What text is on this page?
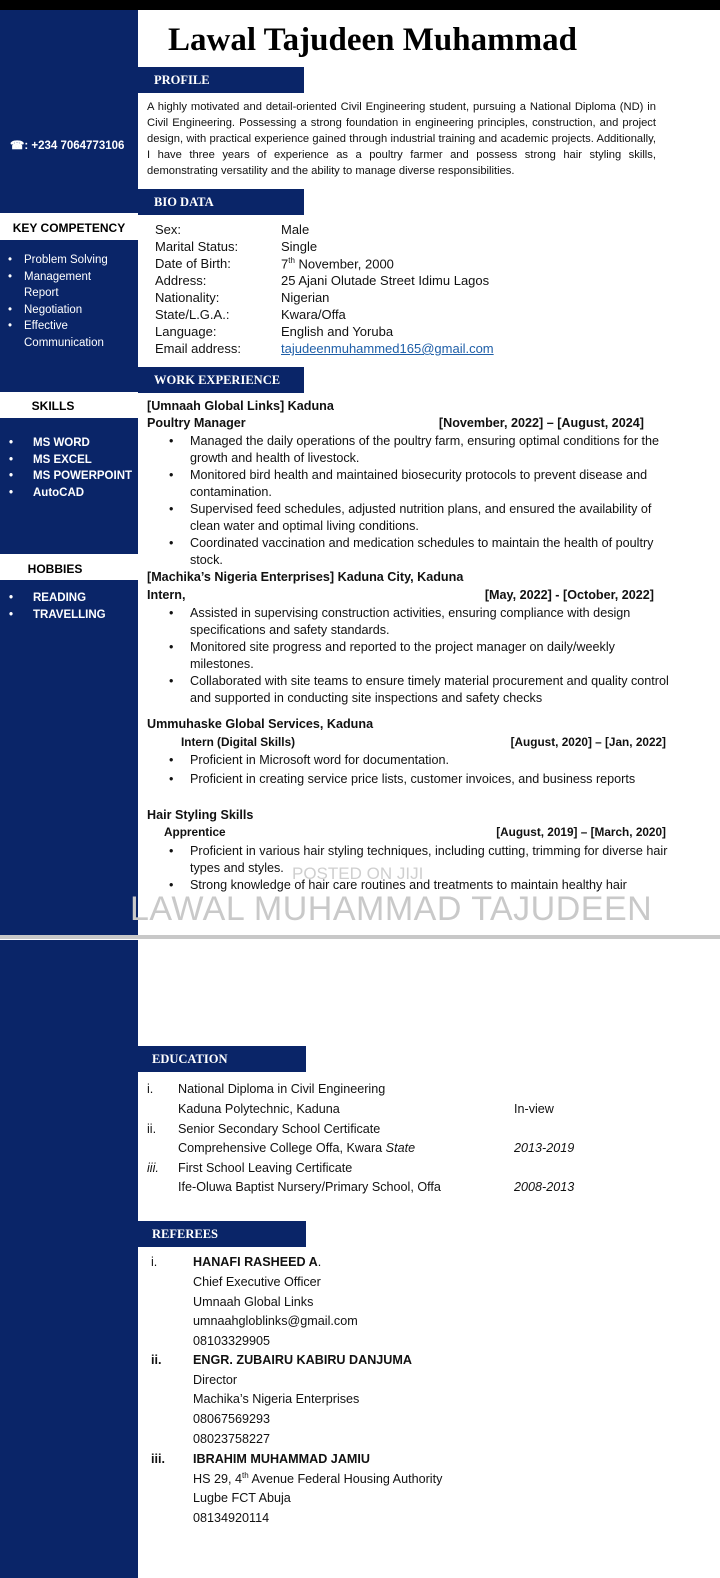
Lawal Tajudeen Muhammad
☎: +234 7064773106
KEY COMPETENCY
• Problem Solving
• Management Report
• Negotiation
• Effective Communication
SKILLS
• MS WORD
• MS EXCEL
• MS POWERPOINT
• AutoCAD
HOBBIES
• READING
• TRAVELLING
PROFILE
A highly motivated and detail-oriented Civil Engineering student, pursuing a National Diploma (ND) in Civil Engineering. Possessing a strong foundation in engineering principles, construction, and project design, with practical experience gained through industrial training and academic projects. Additionally, I have three years of experience as a poultry farmer and possess strong hair styling skills, demonstrating versatility and the ability to manage diverse responsibilities.
BIO DATA
Sex:	Male
Marital Status:	Single
Date of Birth:	7th November, 2000
Address:	25 Ajani Olutade Street Idimu Lagos
Nationality:	Nigerian
State/L.G.A.:	Kwara/Offa
Language:	English and Yoruba
Email address:	tajudeenmuhammed165@gmail.com
WORK EXPERIENCE
[Umnaah Global Links] Kaduna
Poultry Manager	[November, 2022] – [August, 2024]
• Managed the daily operations of the poultry farm, ensuring optimal conditions for the growth and health of livestock.
• Monitored bird health and maintained biosecurity protocols to prevent disease and contamination.
• Supervised feed schedules, adjusted nutrition plans, and ensured the availability of clean water and optimal living conditions.
• Coordinated vaccination and medication schedules to maintain the health of poultry stock.
[Machika’s Nigeria Enterprises] Kaduna City, Kaduna
Intern,	[May, 2022] - [October, 2022]
• Assisted in supervising construction activities, ensuring compliance with design specifications and safety standards.
• Monitored site progress and reported to the project manager on daily/weekly milestones.
• Collaborated with site teams to ensure timely material procurement and quality control and supported in conducting site inspections and safety checks
Ummuhaske Global Services, Kaduna
Intern (Digital Skills)	[August, 2020] – [Jan, 2022]
• Proficient in Microsoft word for documentation.
• Proficient in creating service price lists, customer invoices, and business reports
Hair Styling Skills
Apprentice	[August, 2019] – [March, 2020]
• Proficient in various hair styling techniques, including cutting, trimming for diverse hair types and styles.
• Strong knowledge of hair care routines and treatments to maintain healthy hair
POSTED ON JIJI
LAWAL MUHAMMAD TAJUDEEN
EDUCATION
i. National Diploma in Civil Engineering
Kaduna Polytechnic, Kaduna	In-view
ii. Senior Secondary School Certificate
Comprehensive College Offa, Kwara State	2013-2019
iii. First School Leaving Certificate
Ife-Oluwa Baptist Nursery/Primary School, Offa	2008-2013
REFEREES
i.	HANAFI RASHEED A.
Chief Executive Officer
Umnaah Global Links
umnaahgloblinks@gmail.com
08103329905
ii.	ENGR. ZUBAIRU KABIRU DANJUMA
Director
Machika’s Nigeria Enterprises
08067569293
08023758227
iii. IBRAHIM MUHAMMAD JAMIU
HS 29, 4th Avenue Federal Housing Authority
Lugbe FCT Abuja
08134920114
